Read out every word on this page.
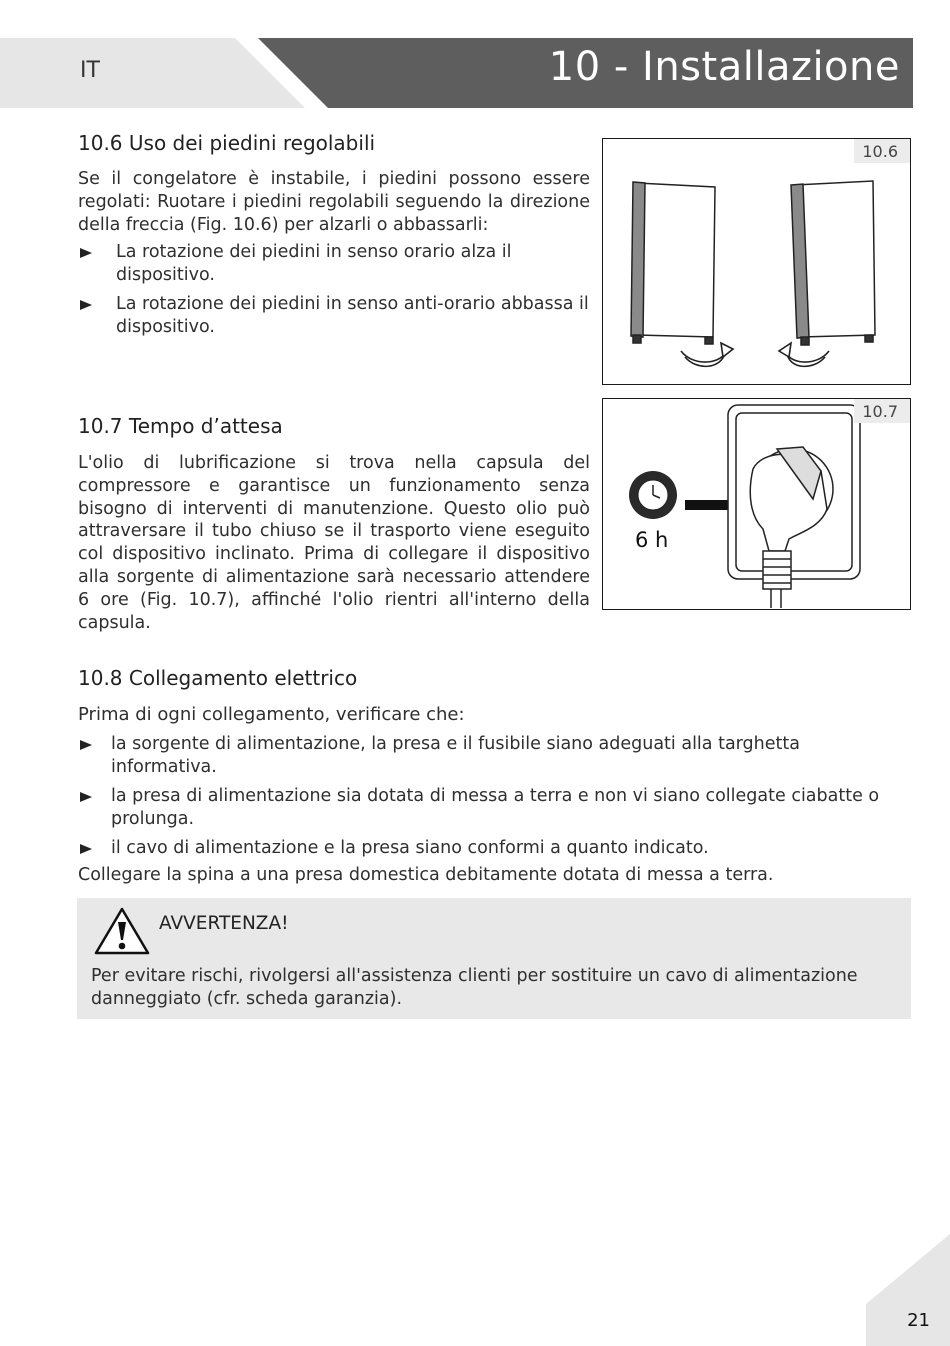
IT	10 - Installazione
10.6 Uso dei piedini regolabili

Se il congelatore è instabile, i piedini possono essere regolati: Ruotare i piedini regolabili seguendo la direzione della freccia (Fig. 10.6) per alzarli o abbassarli:

La rotazione dei piedini in senso orario alza il dispositivo.
La rotazione dei piedini in senso anti-orario abbassa il dispositivo.
10.6
10.7 Tempo d’attesa

L'olio di lubrificazione si trova nella capsula del compressore e garantisce un funzionamento senza bisogno di interventi di manutenzione. Questo olio può attraversare il tubo chiuso se il trasporto viene eseguito col dispositivo inclinato. Prima di collegare il dispositivo alla sorgente di alimentazione sarà necessario attendere 6 ore (Fig. 10.7), affinché l'olio rientri all'interno della capsula.

10.7
6 h
10.8 Collegamento elettrico

Prima di ogni collegamento, verificare che:

la sorgente di alimentazione, la presa e il fusibile siano adeguati alla targhetta informativa.
la presa di alimentazione sia dotata di messa a terra e non vi siano collegate ciabatte o prolunga.
il cavo di alimentazione e la presa siano conformi a quanto indicato.

Collegare la spina a una presa domestica debitamente dotata di messa a terra.

AVVERTENZA!

Per evitare rischi, rivolgersi all'assistenza clienti per sostituire un cavo di alimentazione danneggiato (cfr. scheda garanzia).

21
